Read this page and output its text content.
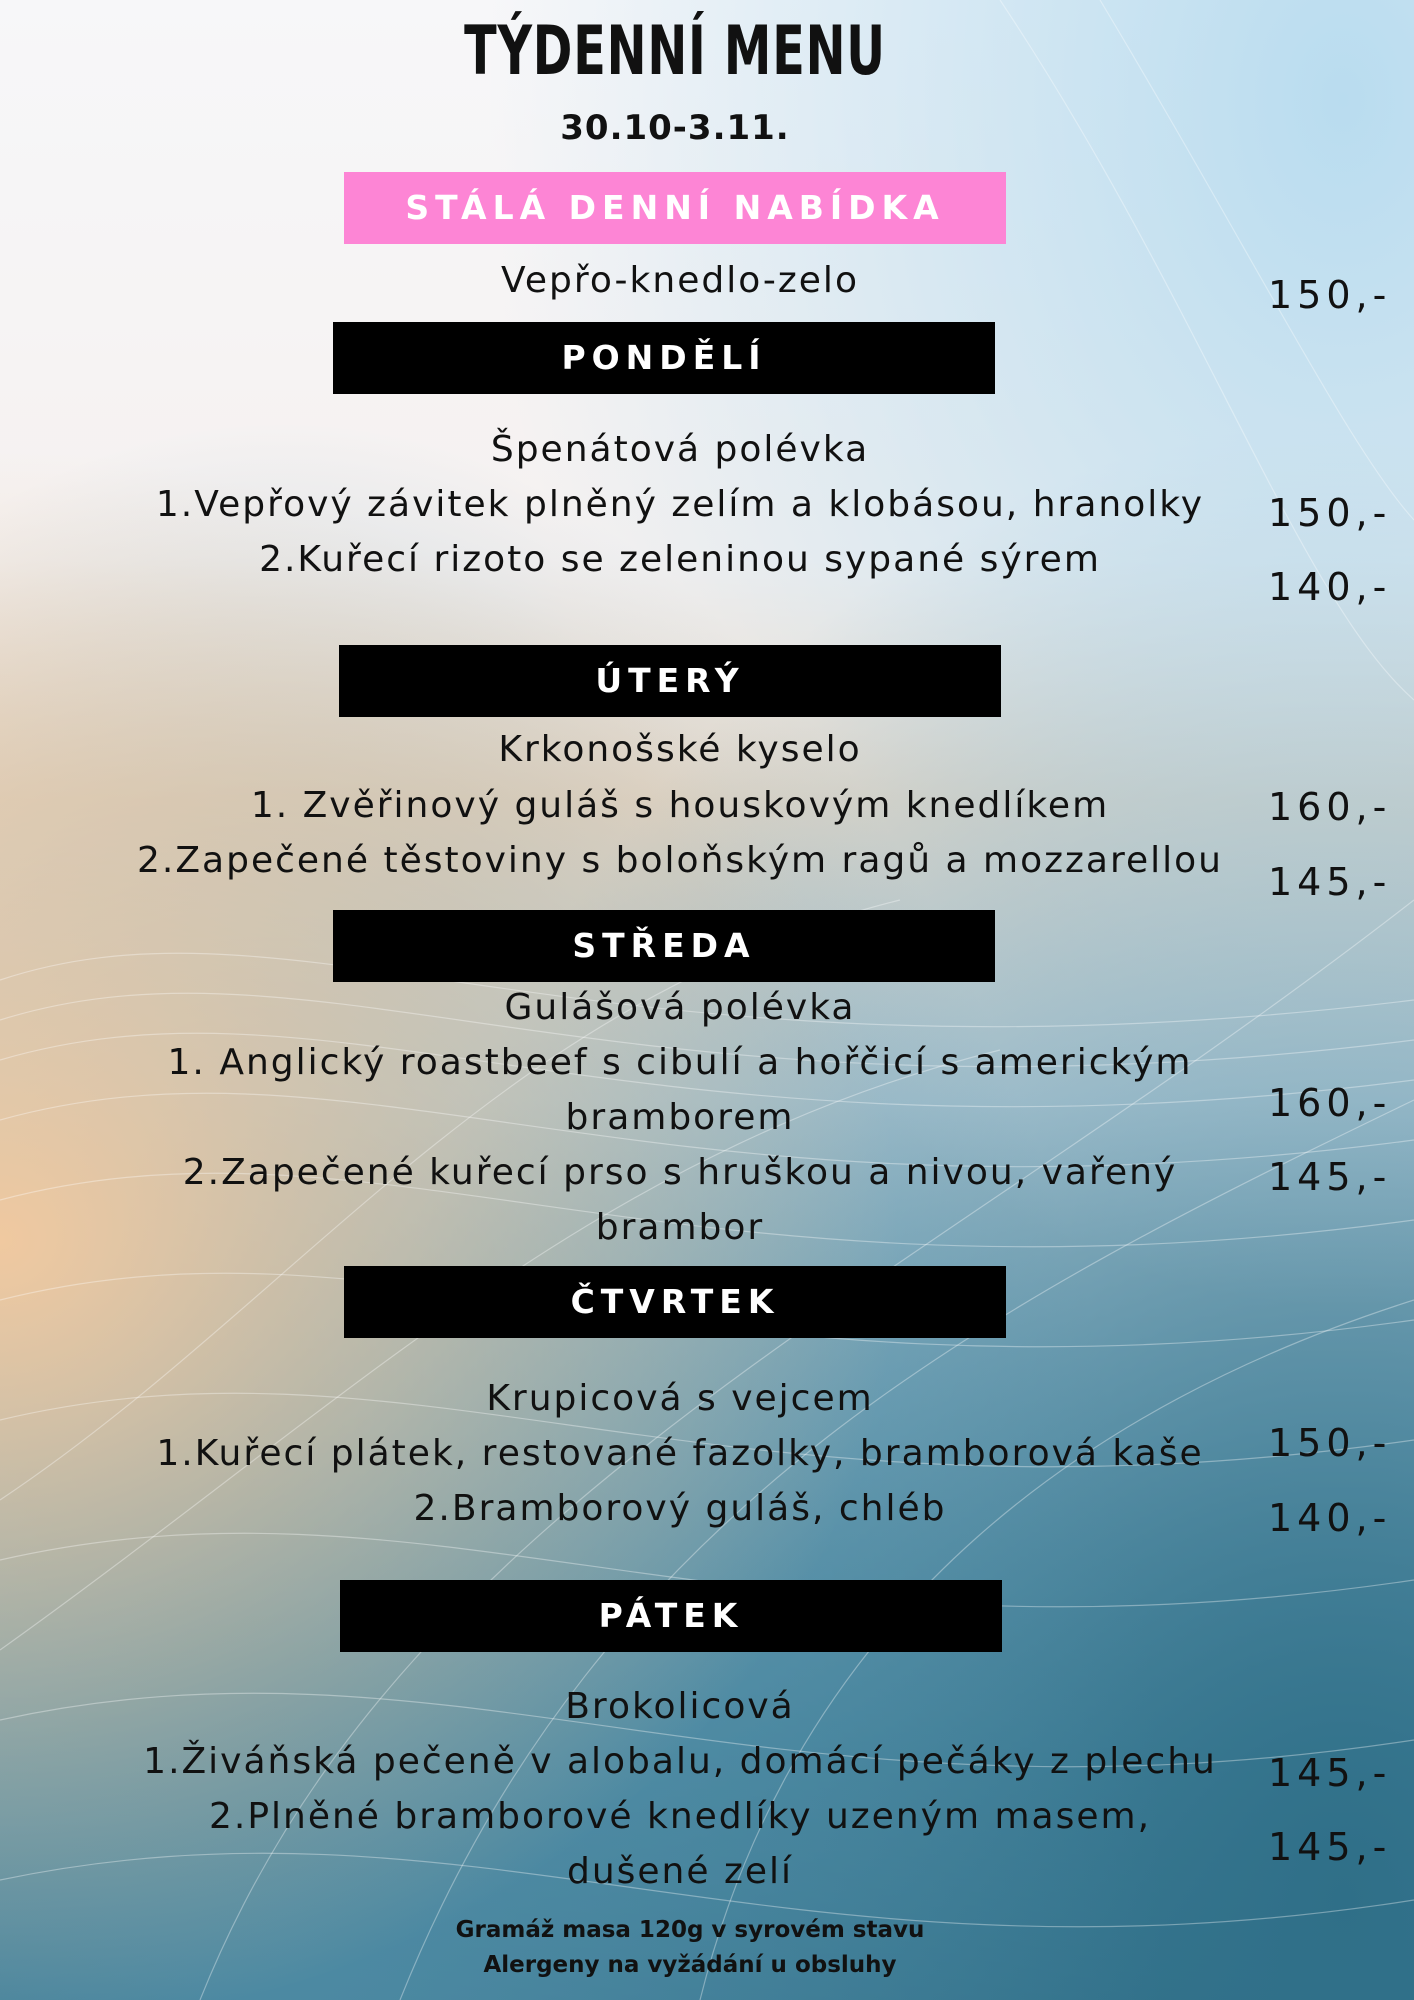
TÝDENNÍ MENU
30.10-3.11.
STÁLÁ DENNÍ NABÍDKA
Vepřo-knedlo-zelo	150,-
PONDĚLÍ
Špenátová polévka
1.Vepřový závitek plněný zelím a klobásou, hranolky
2.Kuřecí rizoto se zeleninou sypané sýrem
150,-
140,-
ÚTERÝ
Krkonošské kyselo
1. Zvěřinový guláš s houskovým knedlíkem
2.Zapečené těstoviny s boloňským ragů a mozzarellou
160,-
145,-
STŘEDA
Gulášová polévka
1. Anglický roastbeef s cibulí a hořčicí s americkým
bramborem
2.Zapečené kuřecí prso s hruškou a nivou, vařený
brambor
160,-
145,-
ČTVRTEK
Krupicová s vejcem
1.Kuřecí plátek, restované fazolky, bramborová kaše
2.Bramborový guláš, chléb
150,-
140,-
PÁTEK
Brokolicová
1.Živáňská pečeně v alobalu, domácí pečáky z plechu
2.Plněné bramborové knedlíky uzeným masem,
dušené zelí
145,-
145,-
Gramáž masa 120g v syrovém stavu
Alergeny na vyžádání u obsluhy
